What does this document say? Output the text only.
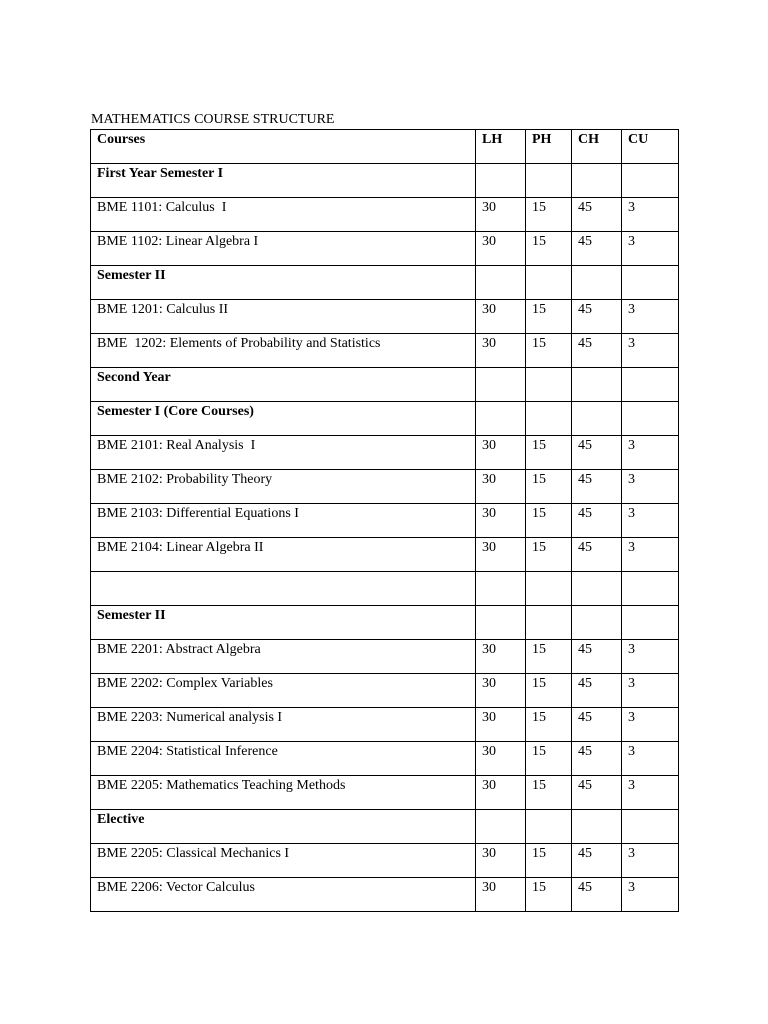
MATHEMATICS COURSE STRUCTURE
Courses	LH	PH	CH	CU

First Year Semester I				

BME 1101: Calculus  I	30	15	45	3

BME 1102: Linear Algebra I	30	15	45	3

Semester II				

BME 1201: Calculus II	30	15	45	3

BME  1202: Elements of Probability and Statistics	30	15	45	3

Second Year				

Semester I (Core Courses)				

BME 2101: Real Analysis  I	30	15	45	3

BME 2102: Probability Theory	30	15	45	3

BME 2103: Differential Equations I	30	15	45	3

BME 2104: Linear Algebra II	30	15	45	3

Semester II				

BME 2201: Abstract Algebra	30	15	45	3

BME 2202: Complex Variables	30	15	45	3

BME 2203: Numerical analysis I	30	15	45	3

BME 2204: Statistical Inference	30	15	45	3

BME 2205: Mathematics Teaching Methods	30	15	45	3

Elective				

BME 2205: Classical Mechanics I	30	15	45	3

BME 2206: Vector Calculus	30	15	45	3
